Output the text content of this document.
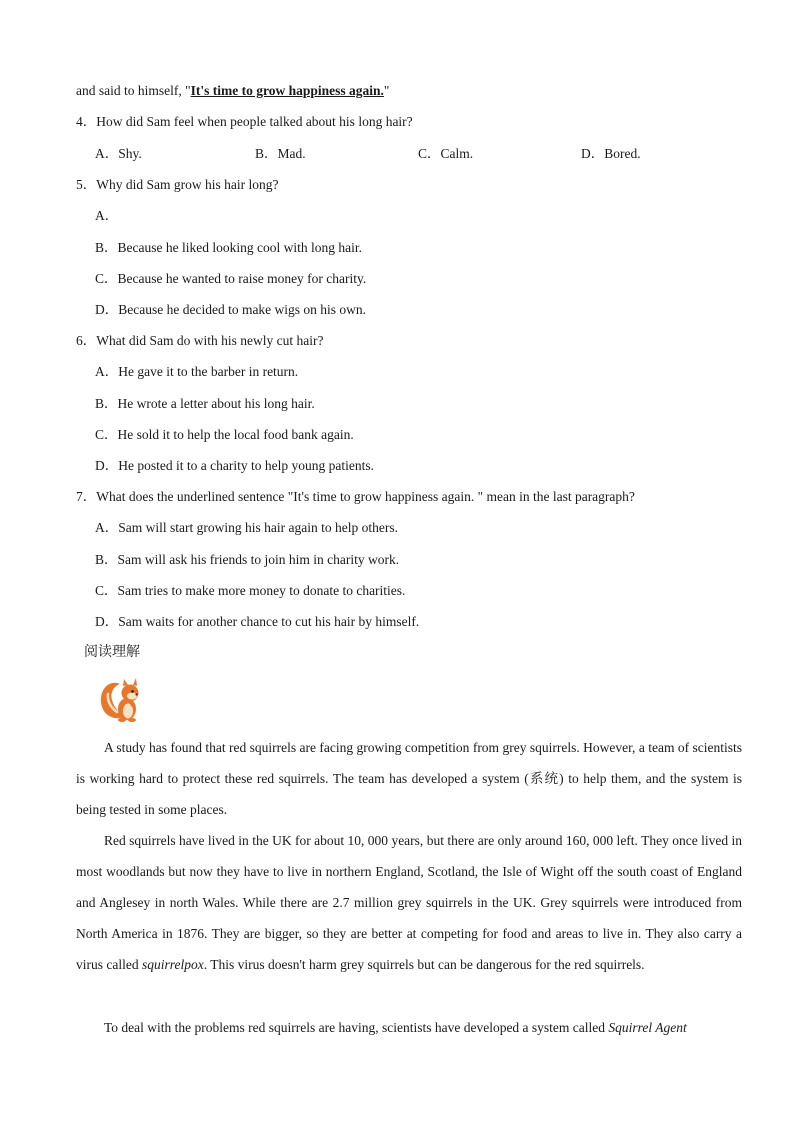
and said to himself, "It's time to grow happiness again."
4．How did Sam feel when people talked about his long hair?
A．Shy.	B．Mad.	C．Calm.	D．Bored.
5．Why did Sam grow his hair long?
A．
B．Because he liked looking cool with long hair.
C．Because he wanted to raise money for charity.
D．Because he decided to make wigs on his own.
6．What did Sam do with his newly cut hair?
A．He gave it to the barber in return.
B．He wrote a letter about his long hair.
C．He sold it to help the local food bank again.
D．He posted it to a charity to help young patients.
7．What does the underlined sentence "It's time to grow happiness again. " mean in the last paragraph?
A．Sam will start growing his hair again to help others.
B．Sam will ask his friends to join him in charity work.
C．Sam tries to make more money to donate to charities.
D．Sam waits for another chance to cut his hair by himself.
阅读理解
A study has found that red squirrels are facing growing competition from grey squirrels. However, a team of scientists is working hard to protect these red squirrels. The team has developed a system (系统) to help them, and the system is being tested in some places.
Red squirrels have lived in the UK for about 10, 000 years, but there are only around 160, 000 left. They once lived in most woodlands but now they have to live in northern England, Scotland, the Isle of Wight off the south coast of England and Anglesey in north Wales. While there are 2.7 million grey squirrels in the UK. Grey squirrels were introduced from North America in 1876. They are bigger, so they are better at competing for food and areas to live in. They also carry a virus called squirrelpox. This virus doesn't harm grey squirrels but can be dangerous for the red squirrels.
To deal with the problems red squirrels are having, scientists have developed a system called Squirrel Agent
